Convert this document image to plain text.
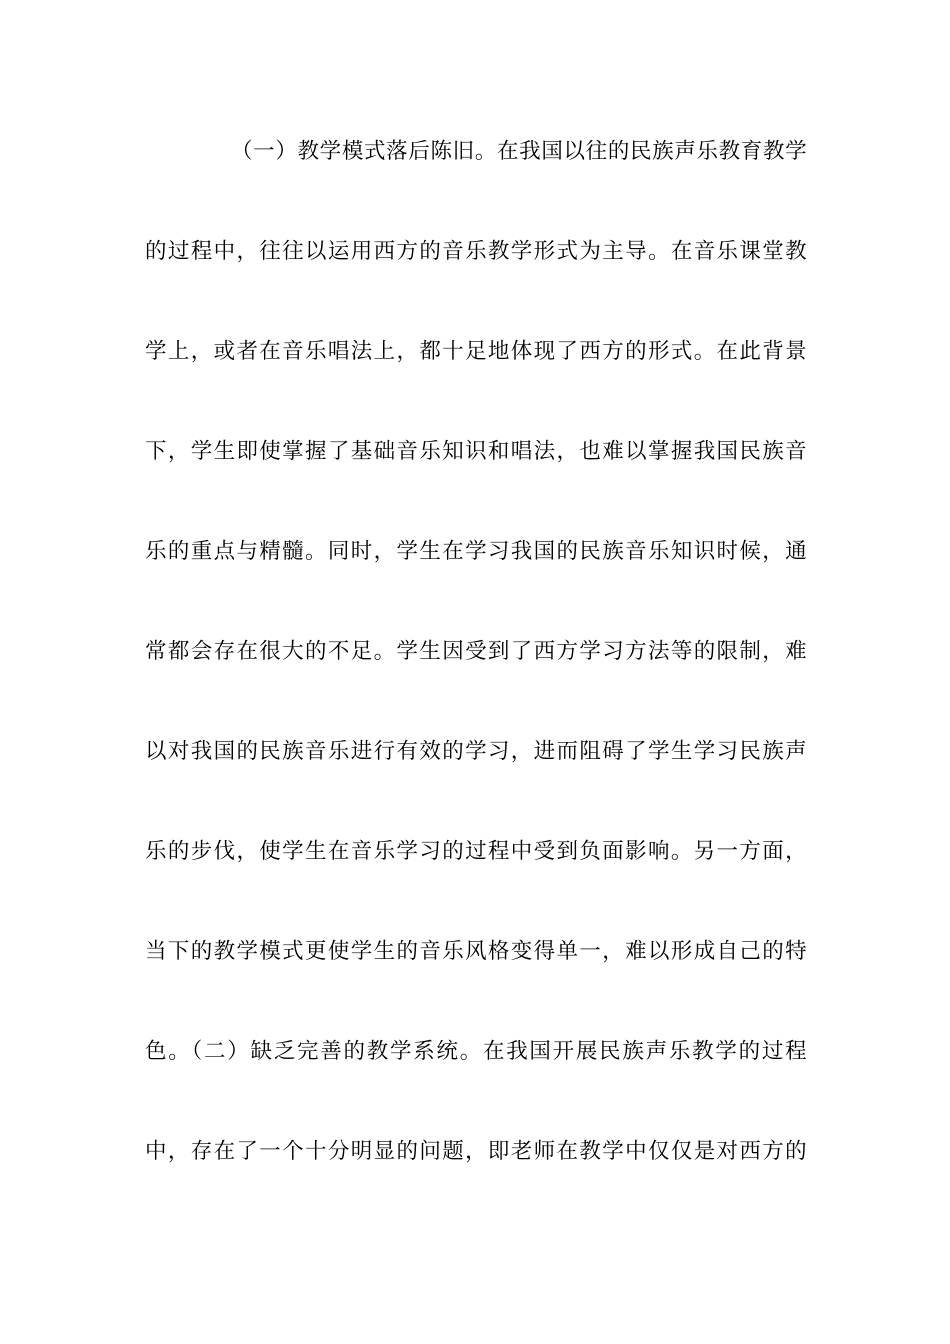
（一）教学模式落后陈旧。在我国以往的民族声乐教育教学
的过程中，往往以运用西方的音乐教学形式为主导。在音乐课堂教
学上，或者在音乐唱法上，都十足地体现了西方的形式。在此背景
下，学生即使掌握了基础音乐知识和唱法，也难以掌握我国民族音
乐的重点与精髓。同时，学生在学习我国的民族音乐知识时候，通
常都会存在很大的不足。学生因受到了西方学习方法等的限制，难
以对我国的民族音乐进行有效的学习，进而阻碍了学生学习民族声
乐的步伐，使学生在音乐学习的过程中受到负面影响。另一方面，
当下的教学模式更使学生的音乐风格变得单一，难以形成自己的特
色。（二）缺乏完善的教学系统。在我国开展民族声乐教学的过程
中，存在了一个十分明显的问题，即老师在教学中仅仅是对西方的
